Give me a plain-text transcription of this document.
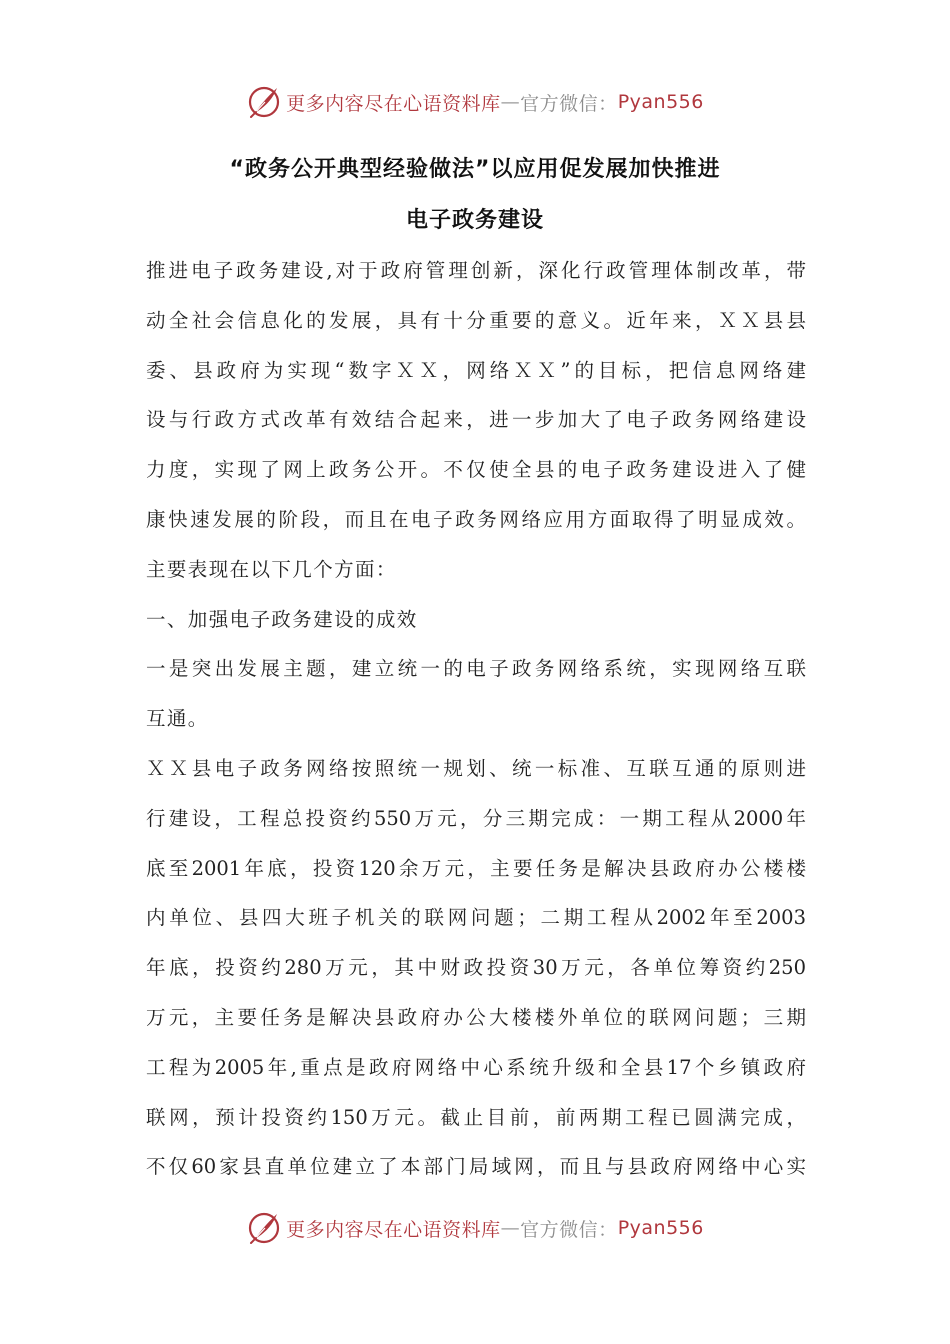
更多内容尽在心语资料库 — 官方微信： Pyan556
“政务公开典型经验做法”以应用促发展加快推进
电子政务建设
推进电子政务建设,对于政府管理创新，深化行政管理体制改革，带
动全社会信息化的发展，具有十分重要的意义。近年来，ＸＸ县县
委、县政府为实现“数字ＸＸ，网络ＸＸ”的目标，把信息网络建
设与行政方式改革有效结合起来，进一步加大了电子政务网络建设
力度，实现了网上政务公开。不仅使全县的电子政务建设进入了健
康快速发展的阶段，而且在电子政务网络应用方面取得了明显成效。
主要表现在以下几个方面：
一、加强电子政务建设的成效
一是突出发展主题，建立统一的电子政务网络系统，实现网络互联
互通。
ＸＸ县电子政务网络按照统一规划、统一标准、互联互通的原则进
行建设，工程总投资约550万元，分三期完成：一期工程从2000年
底至2001年底，投资120余万元，主要任务是解决县政府办公楼楼
内单位、县四大班子机关的联网问题；二期工程从2002年至2003
年底，投资约280万元，其中财政投资30万元，各单位筹资约250
万元，主要任务是解决县政府办公大楼楼外单位的联网问题；三期
工程为2005年,重点是政府网络中心系统升级和全县17个乡镇政府
联网，预计投资约150万元。截止目前，前两期工程已圆满完成，
不仅60家县直单位建立了本部门局域网，而且与县政府网络中心实
更多内容尽在心语资料库 — 官方微信： Pyan556
